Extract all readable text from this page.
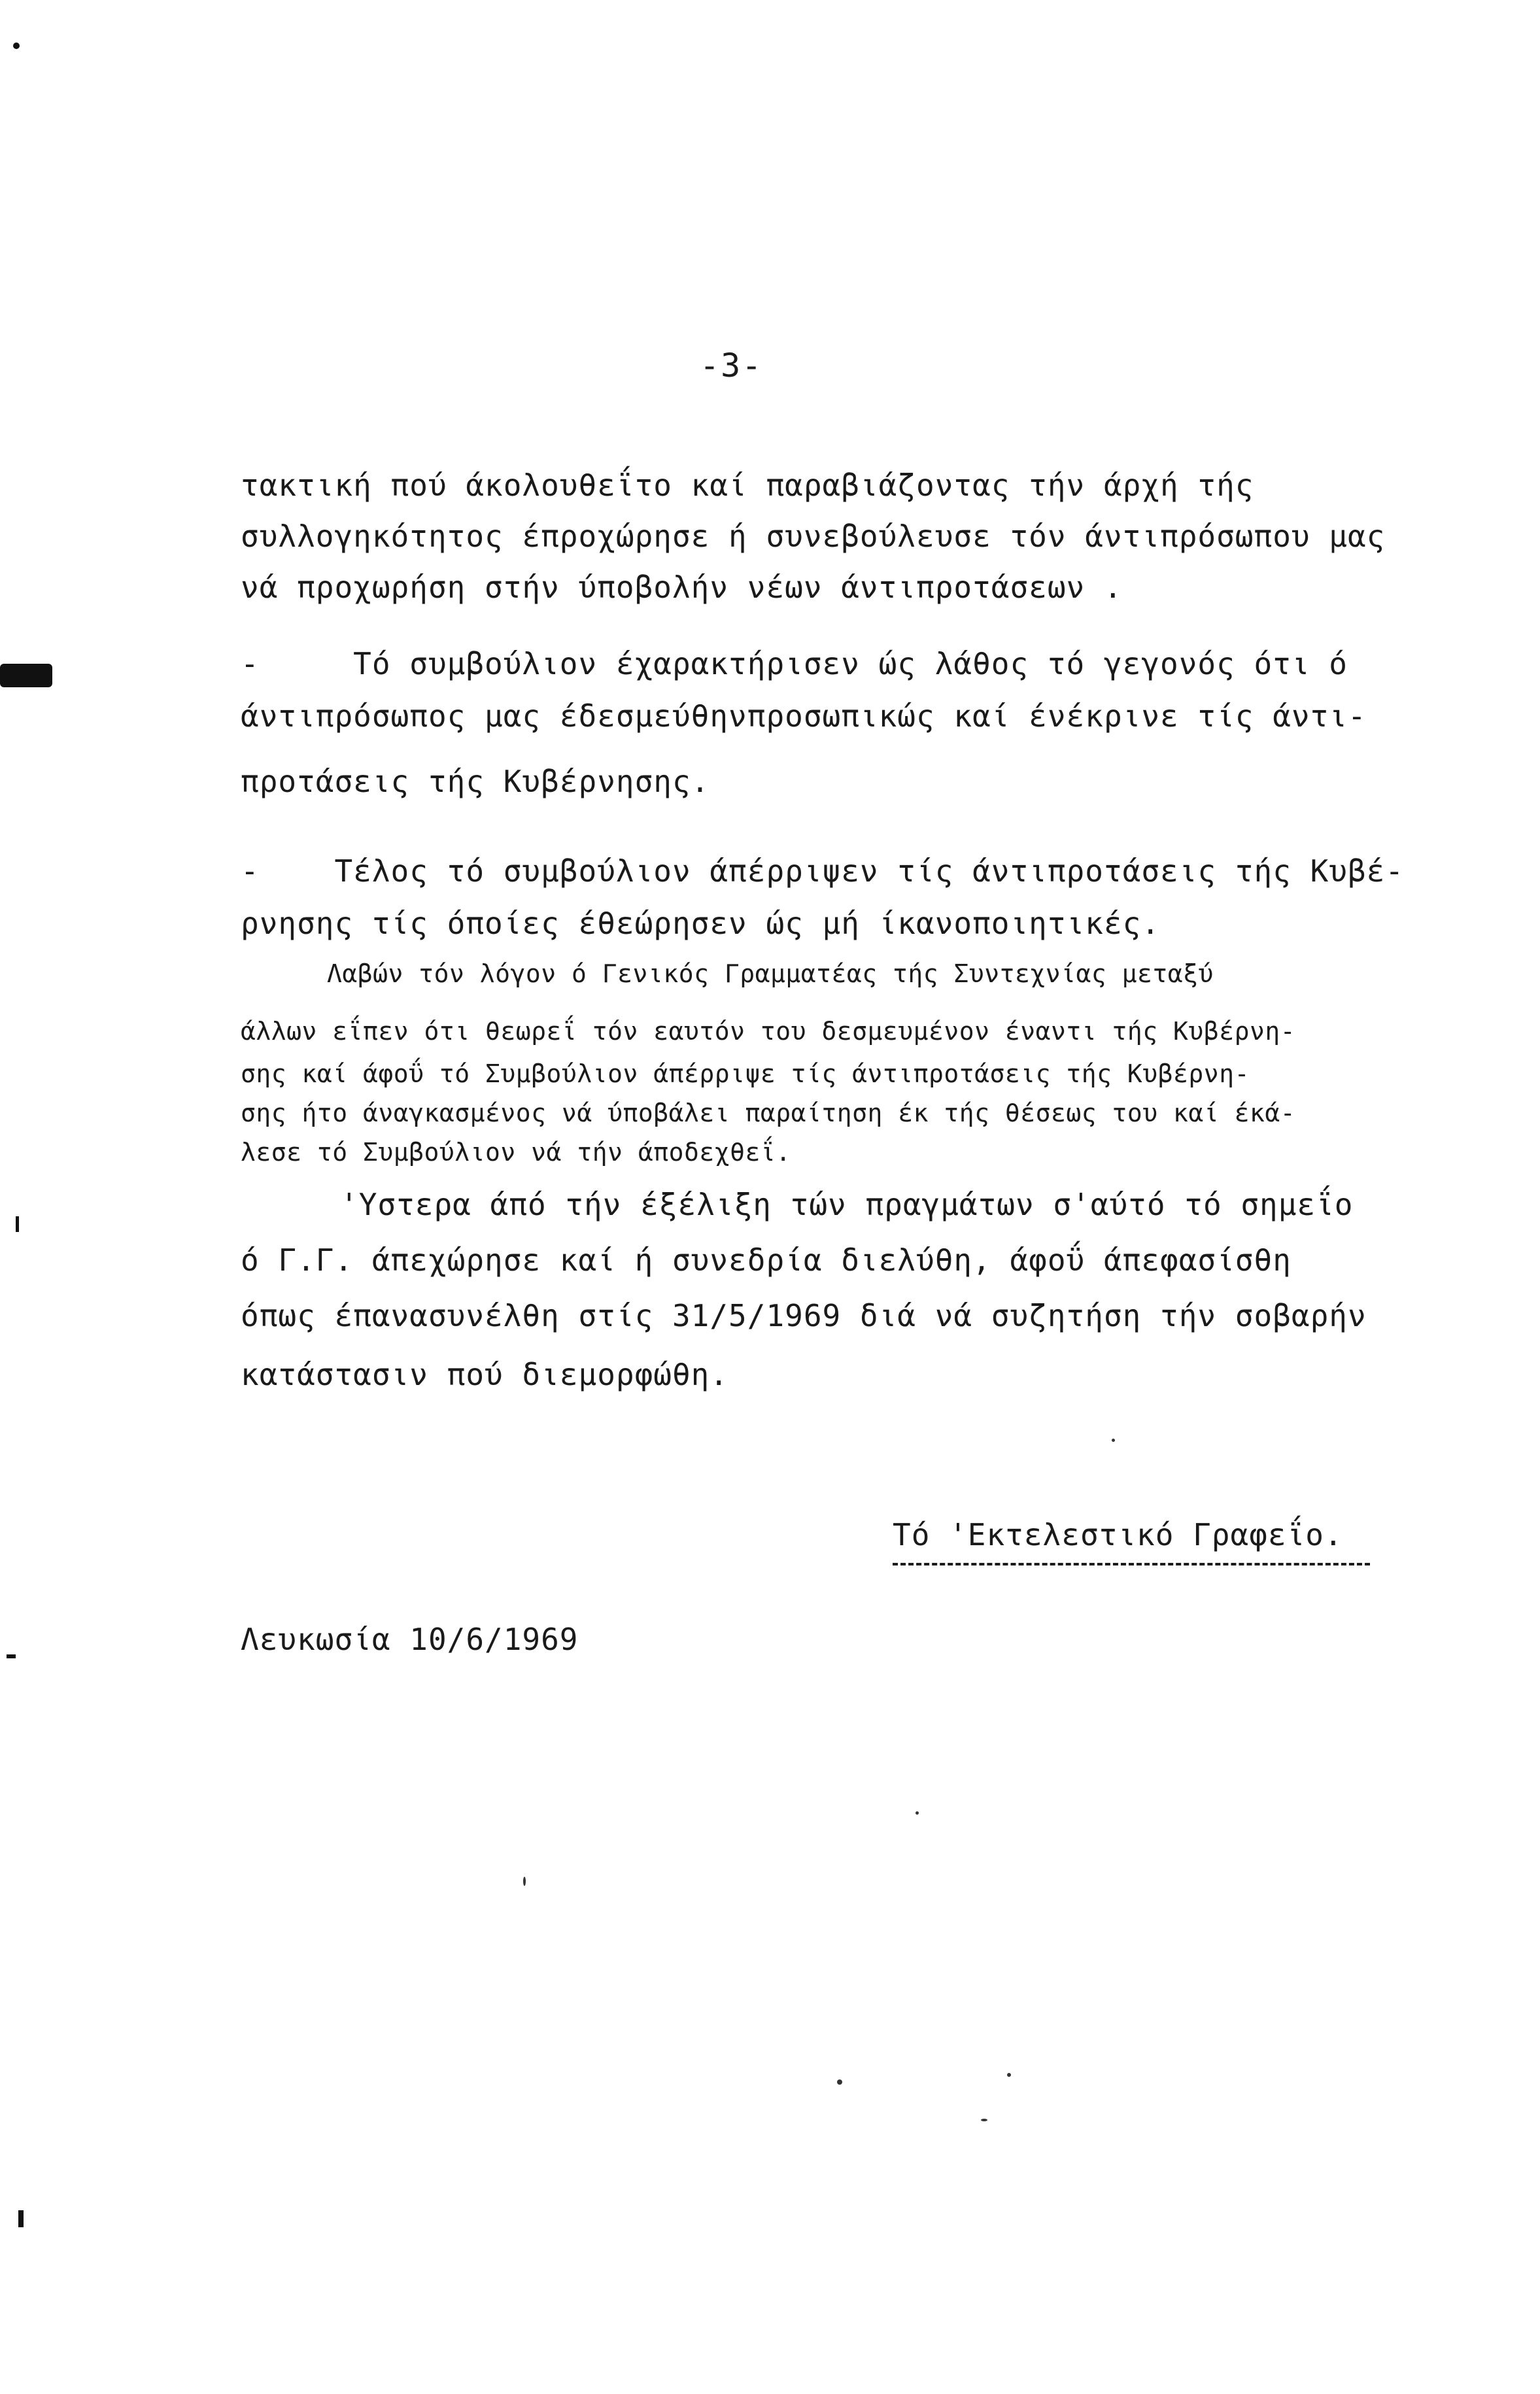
-3-
τακτική πού άκολουθεΐτο καί παραβιάζοντας τήν άρχή τής
συλλογηκότητος έπροχώρησε ή συνεβούλευσε τόν άντιπρόσωπου μας
νά προχωρήση στήν ύποβολήν νέων άντιπροτάσεων .
-     Τό συμβούλιον έχαρακτήρισεν ώς λάθος τό γεγονός ότι ό
άντιπρόσωπος μας έδεσμεύθηνπροσωπικώς καί ένέκρινε τίς άντι-
προτάσεις τής Κυβέρνησης.
-    Τέλος τό συμβούλιον άπέρριψεν τίς άντιπροτάσεις τής Κυβέ-
ρνησης τίς όποίες έθεώρησεν ώς μή ίκανοποιητικές.
Λαβών τόν λόγον ό Γενικός Γραμματέας τής Συντεχνίας μεταξύ
άλλων εΐπεν ότι θεωρεΐ τόν εαυτόν του δεσμευμένον έναντι τής Κυβέρνη-
σης καί άφοΰ τό Συμβούλιον άπέρριψε τίς άντιπροτάσεις τής Κυβέρνη-
σης ήτο άναγκασμένος νά ύποβάλει παραίτηση έκ τής θέσεως του καί έκά-
λεσε τό Συμβούλιον νά τήν άποδεχθεΐ.
'Υστερα άπό τήν έξέλιξη τών πραγμάτων σ'αύτό τό σημεΐο
ό Γ.Γ. άπεχώρησε καί ή συνεδρία διελύθη, άφοΰ άπεφασίσθη
όπως έπανασυνέλθη στίς 31/5/1969 διά νά συζητήση τήν σοβαρήν
κατάστασιν πού διεμορφώθη.
Τό 'Εκτελεστικό Γραφεΐο.
Λευκωσία 10/6/1969
